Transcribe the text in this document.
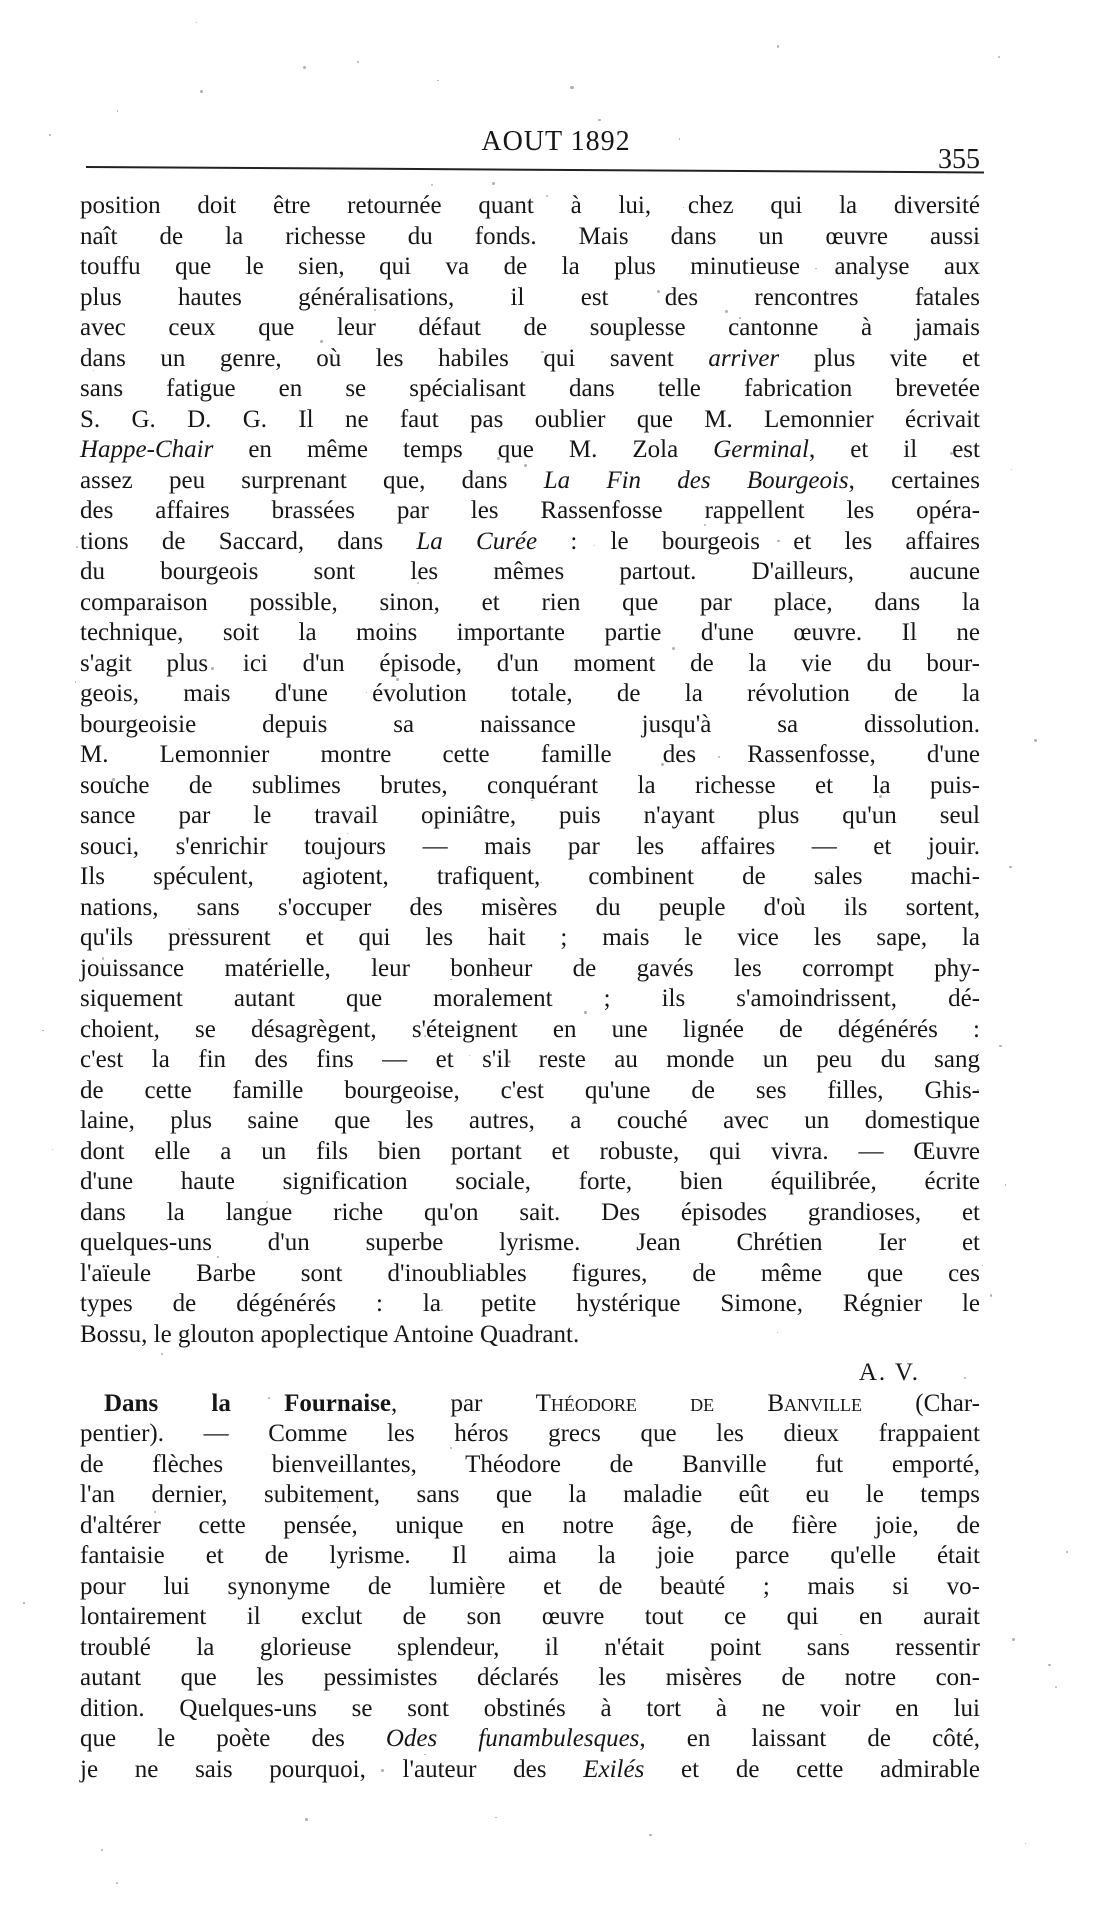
AOUT 1892
355
position doit être retournée quant à lui, chez qui la diversité
naît de la richesse du fonds. Mais dans un œuvre aussi
touffu que le sien, qui va de la plus minutieuse analyse aux
plus hautes généralisations, il est des rencontres fatales
avec ceux que leur défaut de souplesse cantonne à jamais
dans un genre, où les habiles qui savent arriver plus vite et
sans fatigue en se spécialisant dans telle fabrication brevetée
S. G. D. G. Il ne faut pas oublier que M. Lemonnier écrivait
Happe-Chair en même temps que M. Zola Germinal, et il est
assez peu surprenant que, dans La Fin des Bourgeois, certaines
des affaires brassées par les Rassenfosse rappellent les opéra-
tions de Saccard, dans La Curée : le bourgeois et les affaires
du bourgeois sont les mêmes partout. D'ailleurs, aucune
comparaison possible, sinon, et rien que par place, dans la
technique, soit la moins importante partie d'une œuvre. Il ne
s'agit plus ici d'un épisode, d'un moment de la vie du bour-
geois, mais d'une évolution totale, de la révolution de la
bourgeoisie depuis sa naissance jusqu'à sa dissolution.
M. Lemonnier montre cette famille des Rassenfosse, d'une
souche de sublimes brutes, conquérant la richesse et la puis-
sance par le travail opiniâtre, puis n'ayant plus qu'un seul
souci, s'enrichir toujours — mais par les affaires — et jouir.
Ils spéculent, agiotent, trafiquent, combinent de sales machi-
nations, sans s'occuper des misères du peuple d'où ils sortent,
qu'ils pressurent et qui les hait ; mais le vice les sape, la
jouissance matérielle, leur bonheur de gavés les corrompt phy-
siquement autant que moralement ; ils s'amoindrissent, dé-
choient, se désagrègent, s'éteignent en une lignée de dégénérés :
c'est la fin des fins — et s'il reste au monde un peu du sang
de cette famille bourgeoise, c'est qu'une de ses filles, Ghis-
laine, plus saine que les autres, a couché avec un domestique
dont elle a un fils bien portant et robuste, qui vivra. — Œuvre
d'une haute signification sociale, forte, bien équilibrée, écrite
dans la langue riche qu'on sait. Des épisodes grandioses, et
quelques-uns d'un superbe lyrisme. Jean Chrétien Ier et
l'aïeule Barbe sont d'inoubliables figures, de même que ces
types de dégénérés : la petite hystérique Simone, Régnier le
Bossu, le glouton apoplectique Antoine Quadrant.
A. V.
Dans la Fournaise, par Théodore de Banville (Char-
pentier). — Comme les héros grecs que les dieux frappaient
de flèches bienveillantes, Théodore de Banville fut emporté,
l'an dernier, subitement, sans que la maladie eût eu le temps
d'altérer cette pensée, unique en notre âge, de fière joie, de
fantaisie et de lyrisme. Il aima la joie parce qu'elle était
pour lui synonyme de lumière et de beauté ; mais si vo-
lontairement il exclut de son œuvre tout ce qui en aurait
troublé la glorieuse splendeur, il n'était point sans ressentir
autant que les pessimistes déclarés les misères de notre con-
dition. Quelques-uns se sont obstinés à tort à ne voir en lui
que le poète des Odes funambulesques, en laissant de côté,
je ne sais pourquoi, l'auteur des Exilés et de cette admirable
